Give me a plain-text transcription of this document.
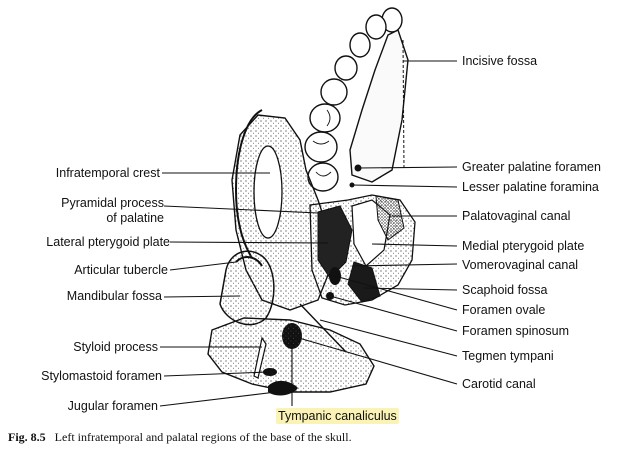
Infratemporal crest
Pyramidal process
of palatine
Lateral pterygoid plate
Articular tubercle
Mandibular fossa
Styloid process
Stylomastoid foramen
Jugular foramen
Incisive fossa
Greater palatine foramen
Lesser palatine foramina
Palatovaginal canal
Medial pterygoid plate
Vomerovaginal canal
Scaphoid fossa
Foramen ovale
Foramen spinosum
Tegmen tympani
Carotid canal
Tympanic canaliculus
Fig. 8.5 Left infratemporal and palatal regions of the base of the skull.
